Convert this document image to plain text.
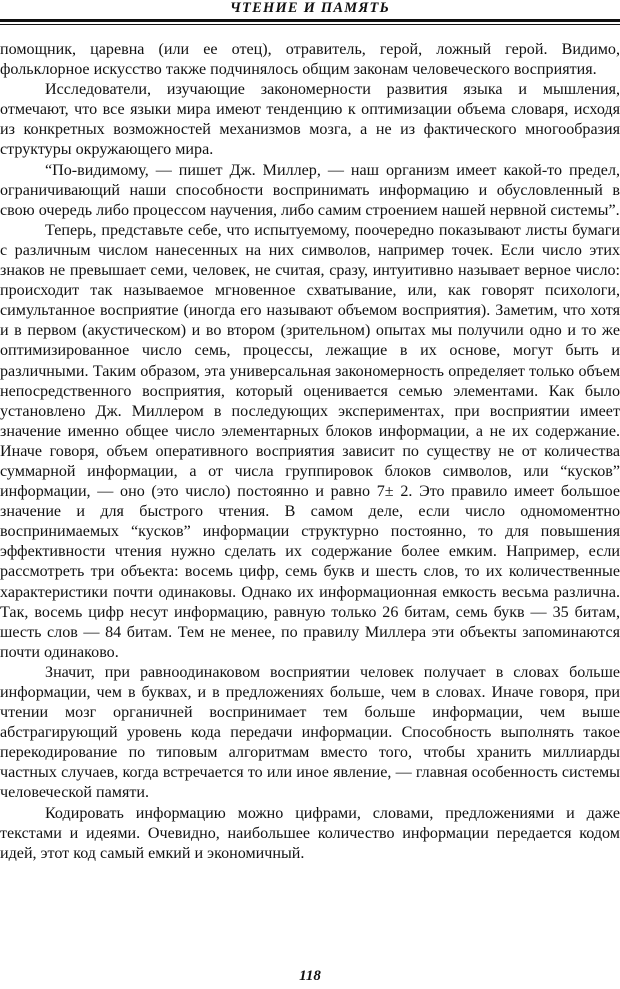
ЧТЕНИЕ И ПАМЯТЬ

помощник, царевна (или ее отец), отравитель, герой, ложный герой. Видимо, фольклорное искусство также подчинялось общим законам человеческого восприятия.

Исследователи, изучающие закономерности развития языка и мышления, отмечают, что все языки мира имеют тенденцию к оптимизации объема словаря, исходя из конкретных возможностей механизмов мозга, а не из фактического многообразия структуры окружающего мира.

“По-видимому, — пишет Дж. Миллер, — наш организм имеет какой-то предел, ограничивающий наши способности воспринимать информацию и обусловленный в свою очередь либо процессом научения, либо самим строением нашей нервной системы”.

Теперь, представьте себе, что испытуемому, поочередно показывают листы бумаги с различным числом нанесенных на них символов, например точек. Если число этих знаков не превышает семи, человек, не считая, сразу, интуитивно называет верное число: происходит так называемое мгновенное схватывание, или, как говорят психологи, симультанное восприятие (иногда его называют объемом восприятия). Заметим, что хотя и в первом (акустическом) и во втором (зрительном) опытах мы получили одно и то же оптимизированное число семь, процессы, лежащие в их основе, могут быть и различными. Таким образом, эта универсальная закономерность определяет только объем непосредственного восприятия, который оценивается семью элементами. Как было установлено Дж. Миллером в последующих экспериментах, при восприятии имеет значение именно общее число элементарных блоков информации, а не их содержание. Иначе говоря, объем оперативного восприятия зависит по существу не от количества суммарной информации, а от числа группировок блоков символов, или “кусков” информации, — оно (это число) постоянно и равно 7± 2. Это правило имеет большое значение и для быстрого чтения. В самом деле, если число одномоментно воспринимаемых “кусков” информации структурно постоянно, то для повышения эффективности чтения нужно сделать их содержание более емким. Например, если рассмотреть три объекта: восемь цифр, семь букв и шесть слов, то их количественные характеристики почти одинаковы. Однако их информационная емкость весьма различна. Так, восемь цифр несут информацию, равную только 26 битам, семь букв — 35 битам, шесть слов — 84 битам. Тем не менее, по правилу Миллера эти объекты запоминаются почти одинаково.

Значит, при равноодинаковом восприятии человек получает в словах больше информации, чем в буквах, и в предложениях больше, чем в словах. Иначе говоря, при чтении мозг органичней воспринимает тем больше информации, чем выше абстрагирующий уровень кода передачи информации. Способность выполнять такое перекодирование по типовым алгоритмам вместо того, чтобы хранить миллиарды частных случаев, когда встречается то или иное явление, — главная особенность системы человеческой памяти.

Кодировать информацию можно цифрами, словами, предложениями и даже текстами и идеями. Очевидно, наибольшее количество информации передается кодом идей, этот код самый емкий и экономичный.

118
